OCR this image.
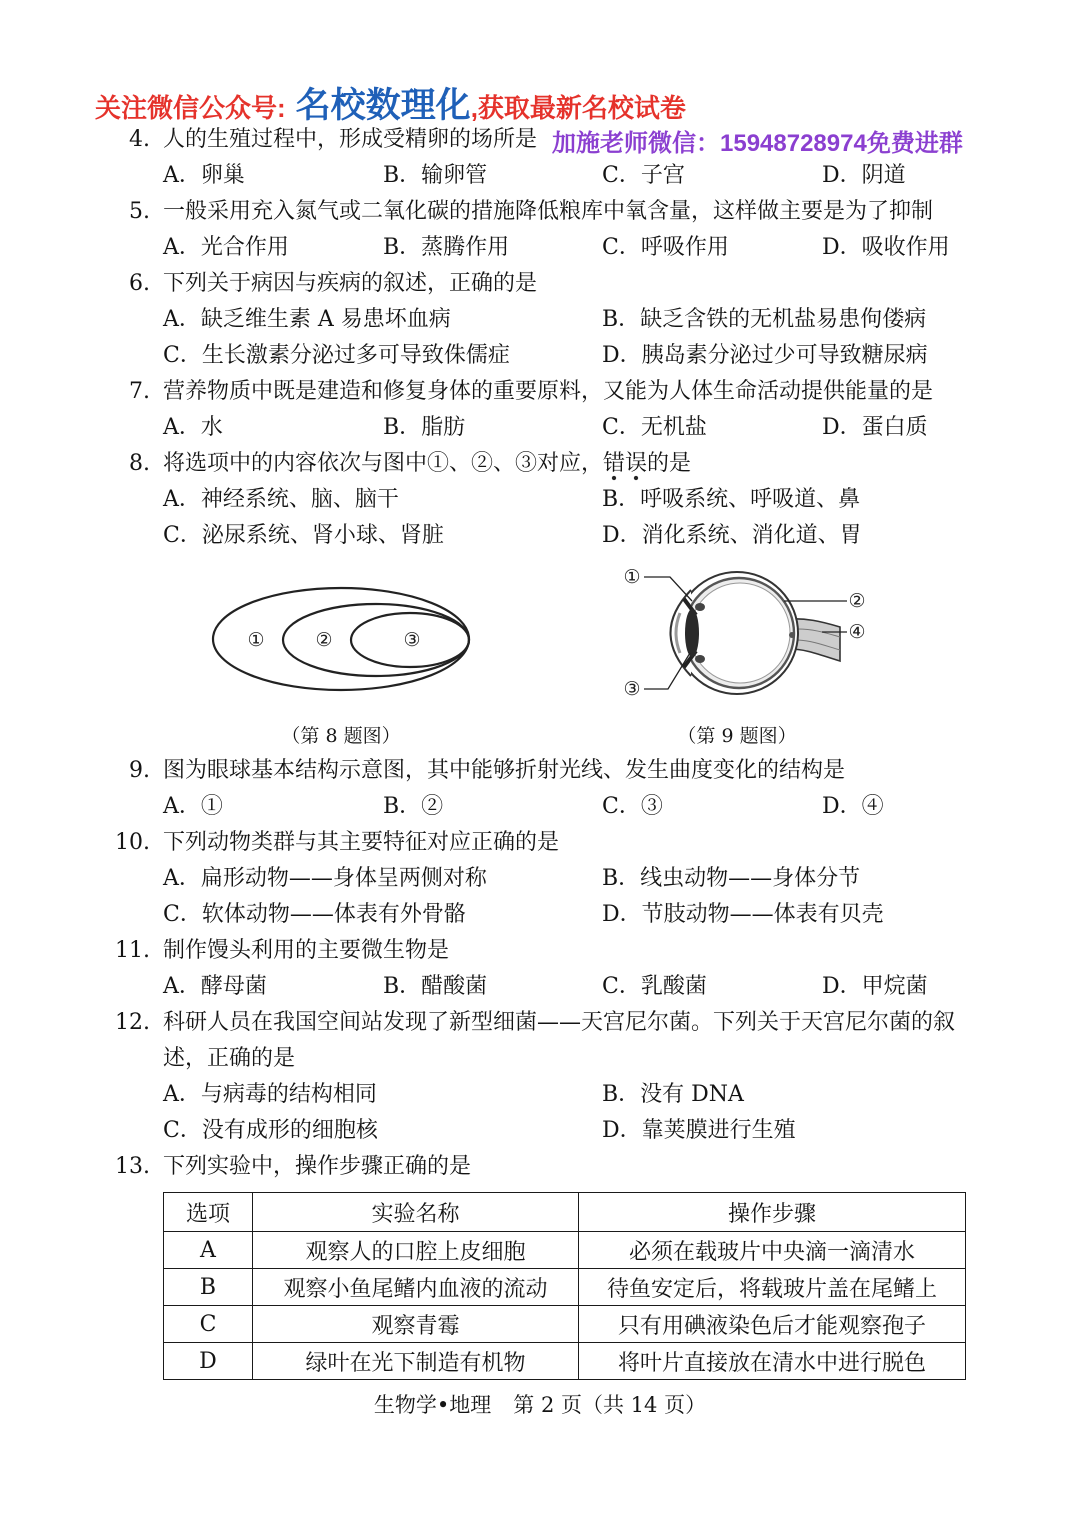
关注微信公众号: 名校数理化 ,获取最新名校试卷
加施老师微信：15948728974免费进群
4. 人的生殖过程中，形成受精卵的场所是
A．卵巢	B．输卵管	C．子宫	D．阴道
5. 一般采用充入氮气或二氧化碳的措施降低粮库中氧含量，这样做主要是为了抑制
A．光合作用	B．蒸腾作用	C．呼吸作用	D．吸收作用
6. 下列关于病因与疾病的叙述，正确的是
A．缺乏维生素 A 易患坏血病	B．缺乏含铁的无机盐易患佝偻病
C．生长激素分泌过多可导致侏儒症	D．胰岛素分泌过少可导致糖尿病
7. 营养物质中既是建造和修复身体的重要原料，又能为人体生命活动提供能量的是
A．水	B．脂肪	C．无机盐	D．蛋白质
8. 将选项中的内容依次与图中①、②、③对应，错误的是
A．神经系统、脑、脑干	B．呼吸系统、呼吸道、鼻
C．泌尿系统、肾小球、肾脏	D．消化系统、消化道、胃
①	②	③
①
②
③
④
（第 8 题图）	（第 9 题图）
9. 图为眼球基本结构示意图，其中能够折射光线、发生曲度变化的结构是
A．①	B．②	C．③	D．④
10. 下列动物类群与其主要特征对应正确的是
A．扁形动物——身体呈两侧对称	B．线虫动物——身体分节
C．软体动物——体表有外骨骼	D．节肢动物——体表有贝壳
11. 制作馒头利用的主要微生物是
A．酵母菌	B．醋酸菌	C．乳酸菌	D．甲烷菌
12. 科研人员在我国空间站发现了新型细菌——天宫尼尔菌。下列关于天宫尼尔菌的叙
述，正确的是
A．与病毒的结构相同	B．没有 DNA
C．没有成形的细胞核	D．靠荚膜进行生殖
13. 下列实验中，操作步骤正确的是
选项	实验名称	操作步骤
A	观察人的口腔上皮细胞	必须在载玻片中央滴一滴清水
B	观察小鱼尾鳍内血液的流动	待鱼安定后，将载玻片盖在尾鳍上
C	观察青霉	只有用碘液染色后才能观察孢子
D	绿叶在光下制造有机物	将叶片直接放在清水中进行脱色
生物学•地理 第 2 页（共 14 页）
